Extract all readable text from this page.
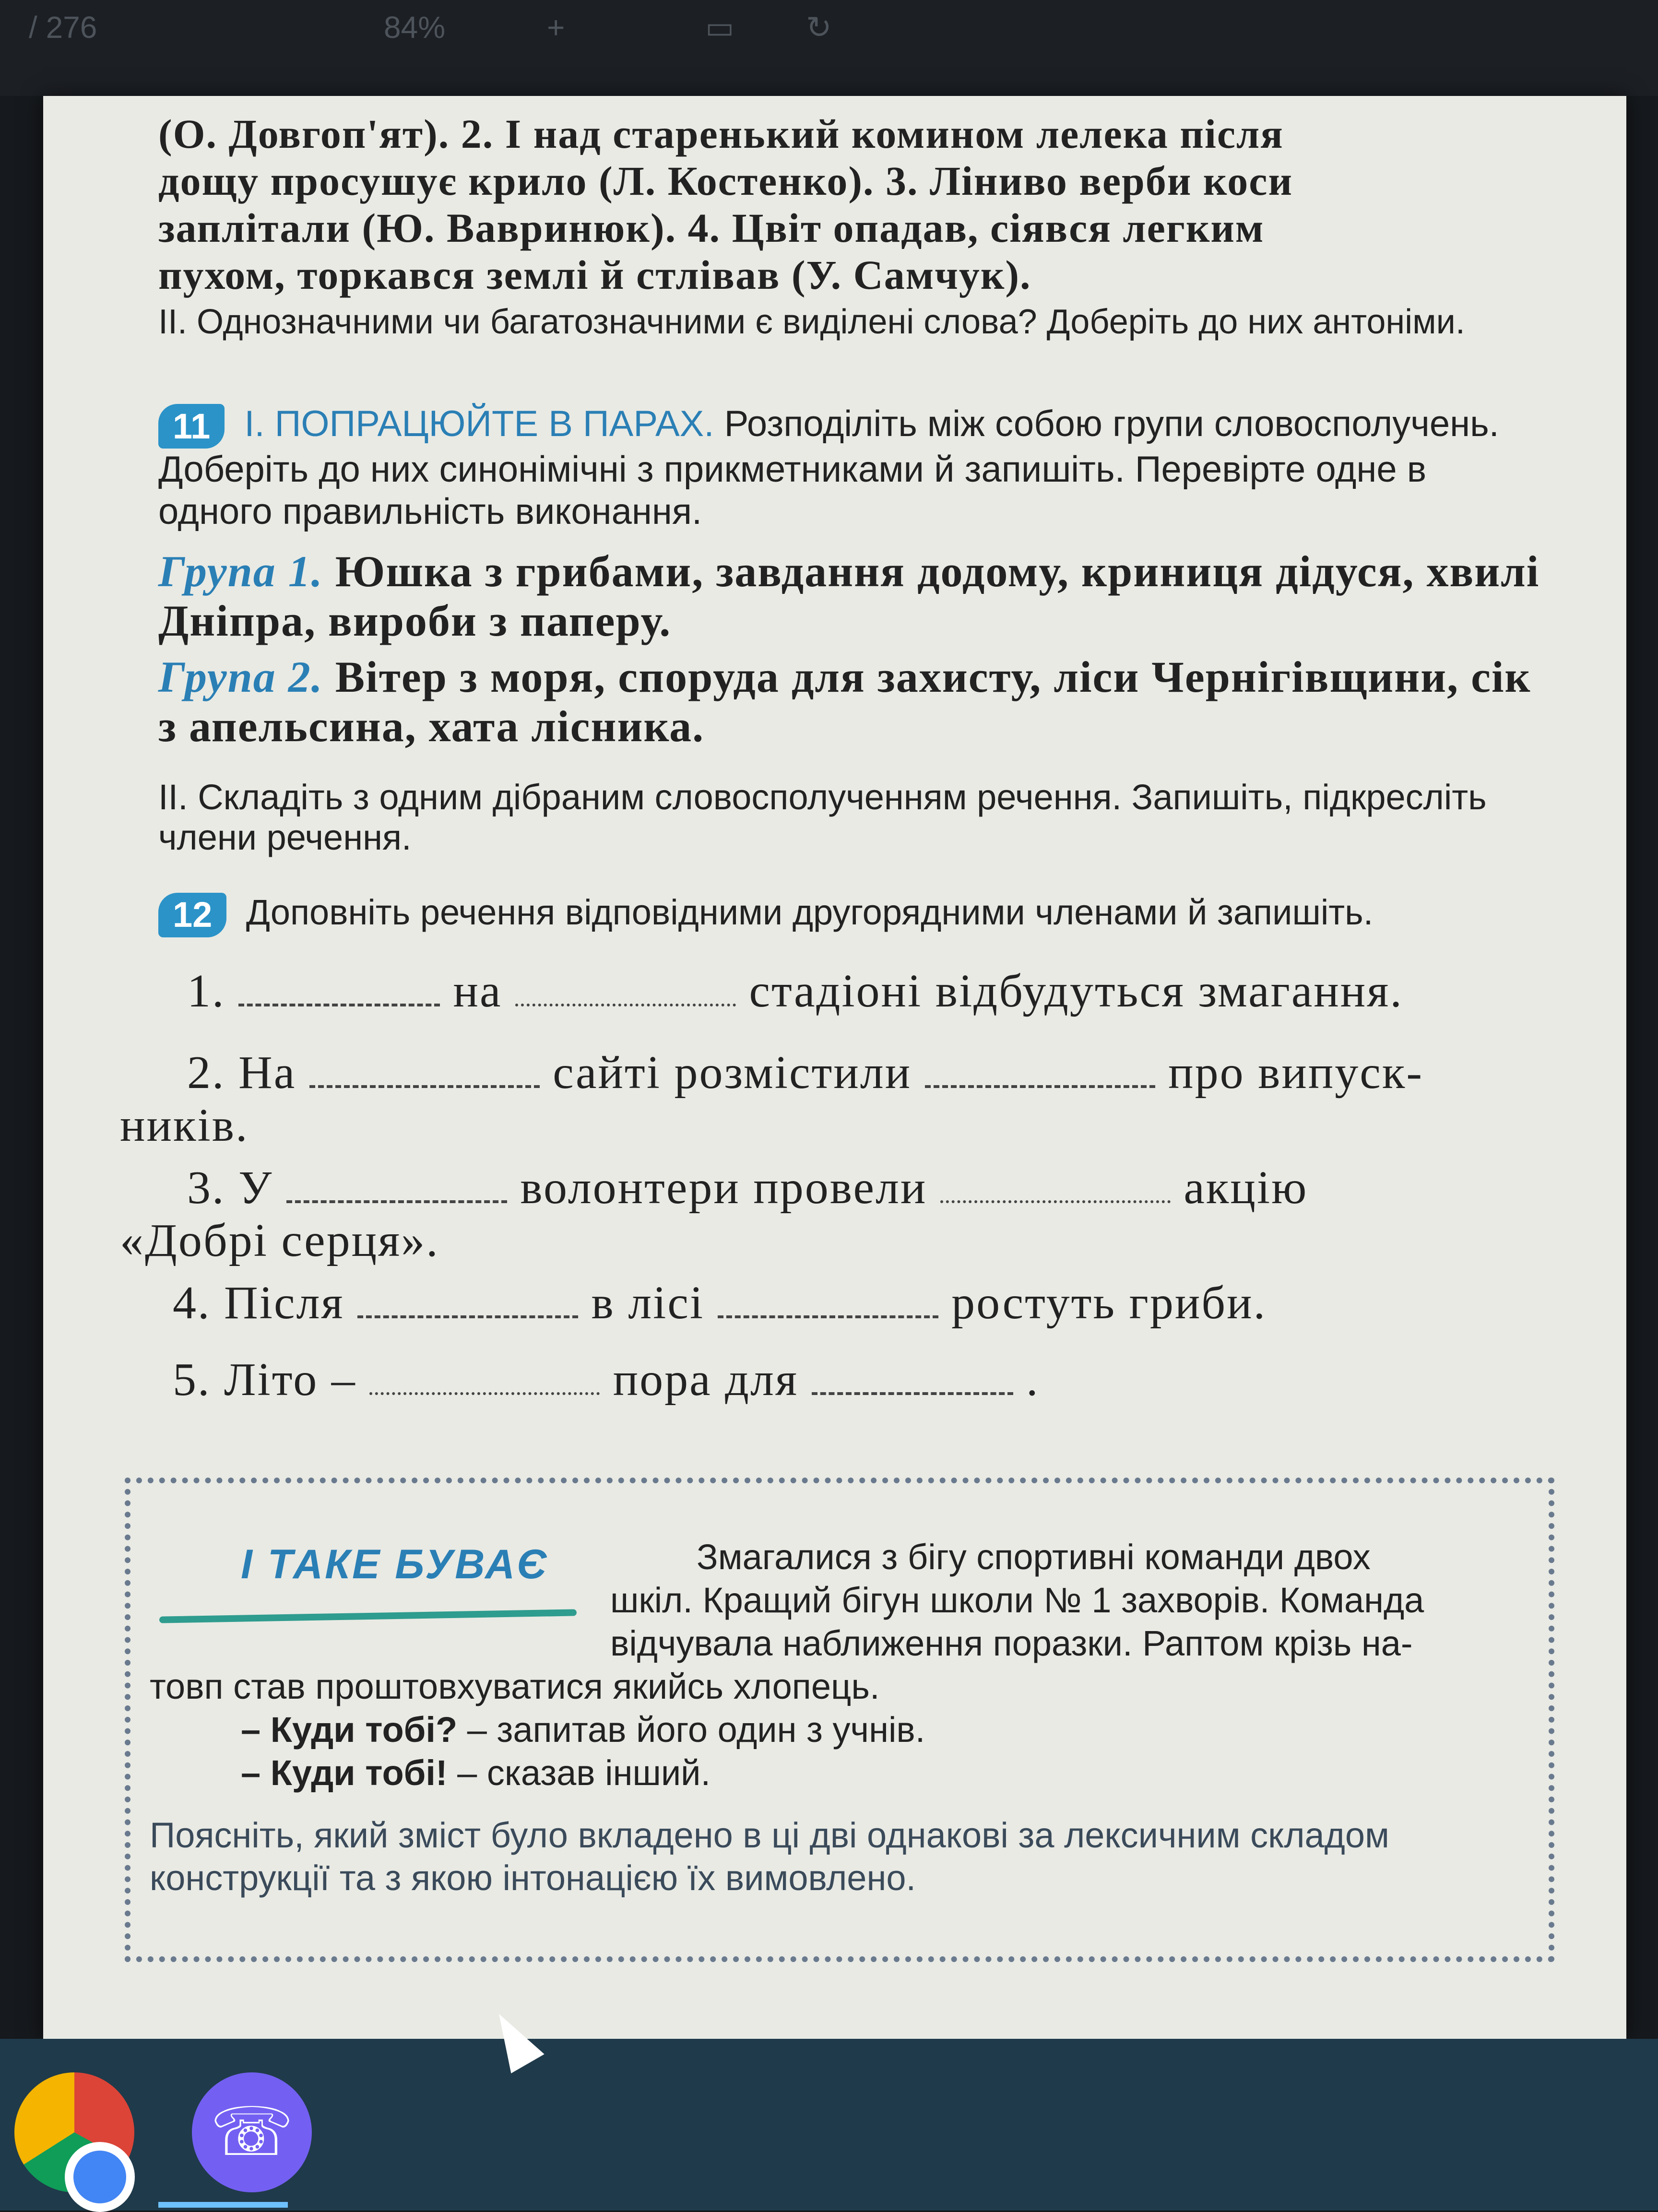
/ 276	84%	+	▭ ↻
(О. Довгоп'ят). 2. І над старенький комином лелека після
дощу просушує крило (Л. Костенко). 3. Ліниво верби коси
заплітали (Ю. Вавринюк). 4. Цвіт опадав, сіявся легким
пухом, торкався землі й стлівав (У. Самчук).
II. Однозначними чи багатозначними є виділені слова? Доберіть до них антоніми.
11 I. ПОПРАЦЮЙТЕ В ПАРАХ. Розподіліть між собою групи словосполучень. Доберіть до них синонімічні з прикметниками й запишіть. Перевірте одне в одного правильність виконання.
Група 1. Юшка з грибами, завдання додому, криниця дідуся, хвилі Дніпра, вироби з паперу.
Група 2. Вітер з моря, споруда для захисту, ліси Чернігівщини, сік з апельсина, хата лісника.
II. Складіть з одним дібраним словосполученням речення. Запишіть, підкресліть члени речення.
12 Доповніть речення відповідними другорядними членами й запишіть.
1.	на	стадіоні відбудуться змагання.
2. На	сайті розмістили	про випуск-
ників.
3. У	волонтери провели	акцію
«Добрі серця».
4. Після	в лісі	ростуть гриби.
5. Літо –	пора для	.
І ТАКЕ БУВАЄ	Змагалися з бігу спортивні команди двох
шкіл. Кращий бігун школи № 1 захворів. Команда
відчувала наближення поразки. Раптом крізь на-
товп став проштовхуватися якийсь хлопець.
– Куди тобі? – запитав його один з учнів.
– Куди тобі! – сказав інший.
Поясніть, який зміст було вкладено в ці дві однакові за лексичним складом конструкції та з якою інтонацією їх вимовлено.
☏
